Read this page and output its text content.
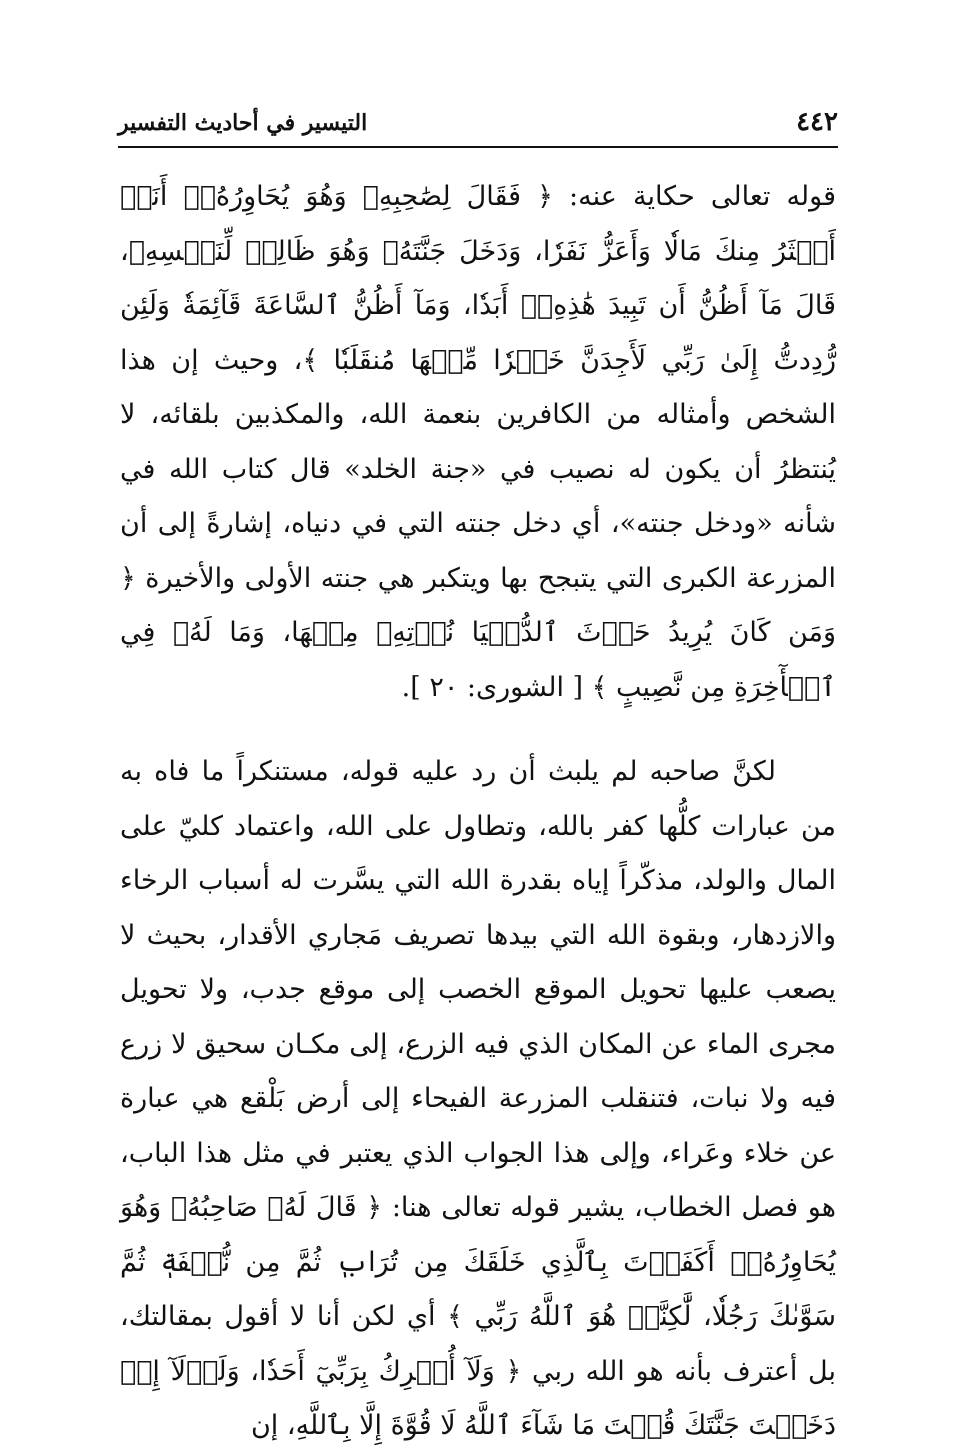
٤٤٢
التيسير في أحاديث التفسير

قوله تعالى حكاية عنه: ﴿ فَقَالَ لِصَٰحِبِهِۦ وَهُوَ يُحَاوِرُهُۥٓ أَنَا۠ أَكۡثَرُ مِنكَ مَالٗا وَأَعَزُّ نَفَرٗا، وَدَخَلَ جَنَّتَهُۥ وَهُوَ ظَالِمٞ لِّنَفۡسِهِۦ، قَالَ مَآ أَظُنُّ أَن تَبِيدَ هَٰذِهِۦٓ أَبَدٗا، وَمَآ أَظُنُّ ٱلسَّاعَةَ قَآئِمَةٗ وَلَئِن رُّدِدتُّ إِلَىٰ رَبِّي لَأَجِدَنَّ خَيۡرٗا مِّنۡهَا مُنقَلَبٗا ﴾، وحيث إن هذا الشخص وأمثاله من الكافرين بنعمة الله، والمكذبين بلقائه، لا يُنتظرُ أن يكون له نصيب في «جنة الخلد» قال كتاب الله في شأنه «ودخل جنته»، أي دخل جنته التي في دنياه، إشارةً إلى أن المزرعة الكبرى التي يتبجح بها ويتكبر هي جنته الأولى والأخيرة ﴿ وَمَن كَانَ يُرِيدُ حَرۡثَ ٱلدُّنۡيَا نُؤۡتِهِۦ مِنۡهَا، وَمَا لَهُۥ فِي ٱلۡأٓخِرَةِ مِن نَّصِيبٍ ﴾ [ الشورى: ٢٠ ].

لكنَّ صاحبه لم يلبث أن رد عليه قوله، مستنكراً ما فاه به من عبارات كلُّها كفر بالله، وتطاول على الله، واعتماد كليّ على المال والولد، مذكّراً إياه بقدرة الله التي يسَّرت له أسباب الرخاء والازدهار، وبقوة الله التي بيدها تصريف مَجاري الأقدار، بحيث لا يصعب عليها تحويل الموقع الخصب إلى موقع جدب، ولا تحويل مجرى الماء عن المكان الذي فيه الزرع، إلى مكـان سحيق لا زرع فيه ولا نبات، فتنقلب المزرعة الفيحاء إلى أرض بَلْقع هي عبارة عن خلاء وعَراء، وإلى هذا الجواب الذي يعتبر في مثل هذا الباب، هو فصل الخطاب، يشير قوله تعالى هنا: ﴿ قَالَ لَهُۥ صَاحِبُهُۥ وَهُوَ يُحَاوِرُهُۥٓ أَكَفَرۡتَ بِٱلَّذِي خَلَقَكَ مِن تُرَابٖ ثُمَّ مِن نُّطۡفَةٖ ثُمَّ سَوَّىٰكَ رَجُلٗا، لَّٰكِنَّا۠ هُوَ ٱللَّهُ رَبِّي ﴾ أي لكن أنا لا أقول بمقالتك، بل أعترف بأنه هو الله ربي ﴿ وَلَآ أُشۡرِكُ بِرَبِّيٓ أَحَدٗا، وَلَوۡلَآ إِذۡ دَخَلۡتَ جَنَّتَكَ قُلۡتَ مَا شَآءَ ٱللَّهُ لَا قُوَّةَ إِلَّا بِٱللَّهِ، إن
